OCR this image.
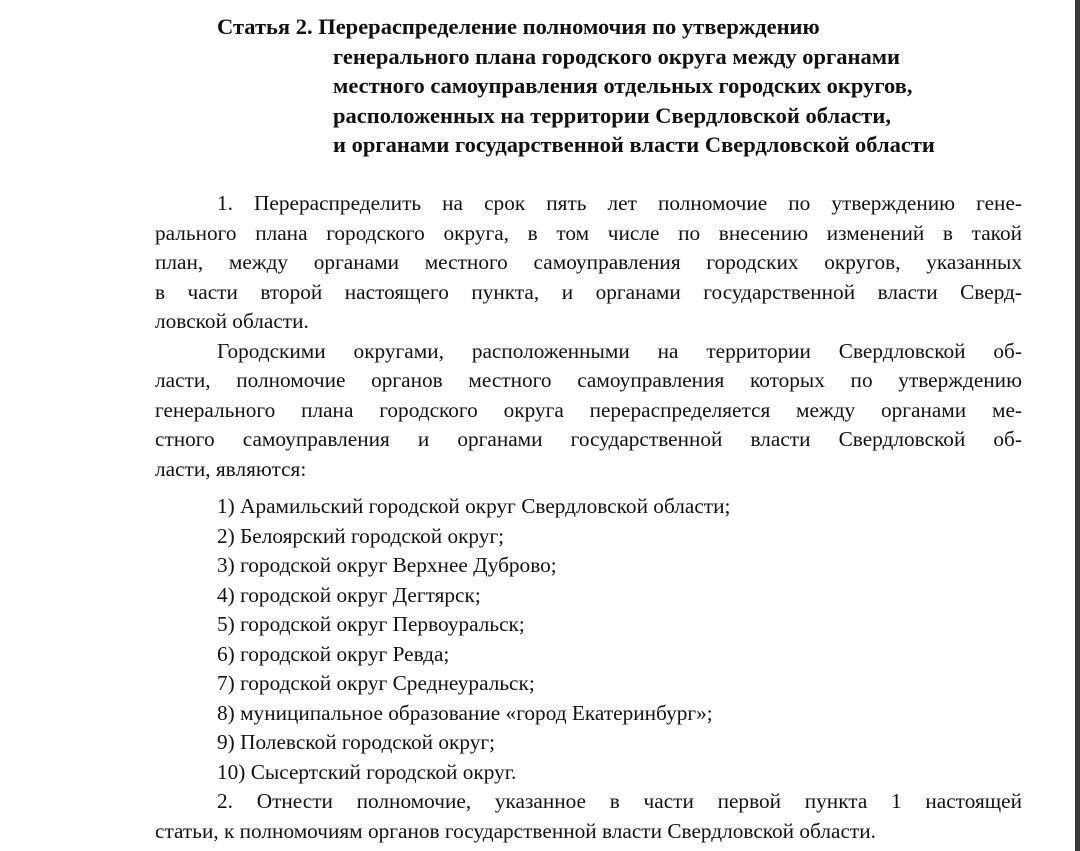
Статья 2. Перераспределение полномочия по утверждению
генерального плана городского округа между органами
местного самоуправления отдельных городских округов,
расположенных на территории Свердловской области,
и органами государственной власти Свердловской области
1. Перераспределить на срок пять лет полномочие по утверждению гене-
рального плана городского округа, в том числе по внесению изменений в такой
план, между органами местного самоуправления городских округов, указанных
в части второй настоящего пункта, и органами государственной власти Сверд-
ловской области.
Городскими округами, расположенными на территории Свердловской об-
ласти, полномочие органов местного самоуправления которых по утверждению
генерального плана городского округа перераспределяется между органами ме-
стного самоуправления и органами государственной власти Свердловской об-
ласти, являются:
1) Арамильский городской округ Свердловской области;
2) Белоярский городской округ;
3) городской округ Верхнее Дуброво;
4) городской округ Дегтярск;
5) городской округ Первоуральск;
6) городской округ Ревда;
7) городской округ Среднеуральск;
8) муниципальное образование «город Екатеринбург»;
9) Полевской городской округ;
10) Сысертский городской округ.
2. Отнести полномочие, указанное в части первой пункта 1 настоящей
статьи, к полномочиям органов государственной власти Свердловской области.
